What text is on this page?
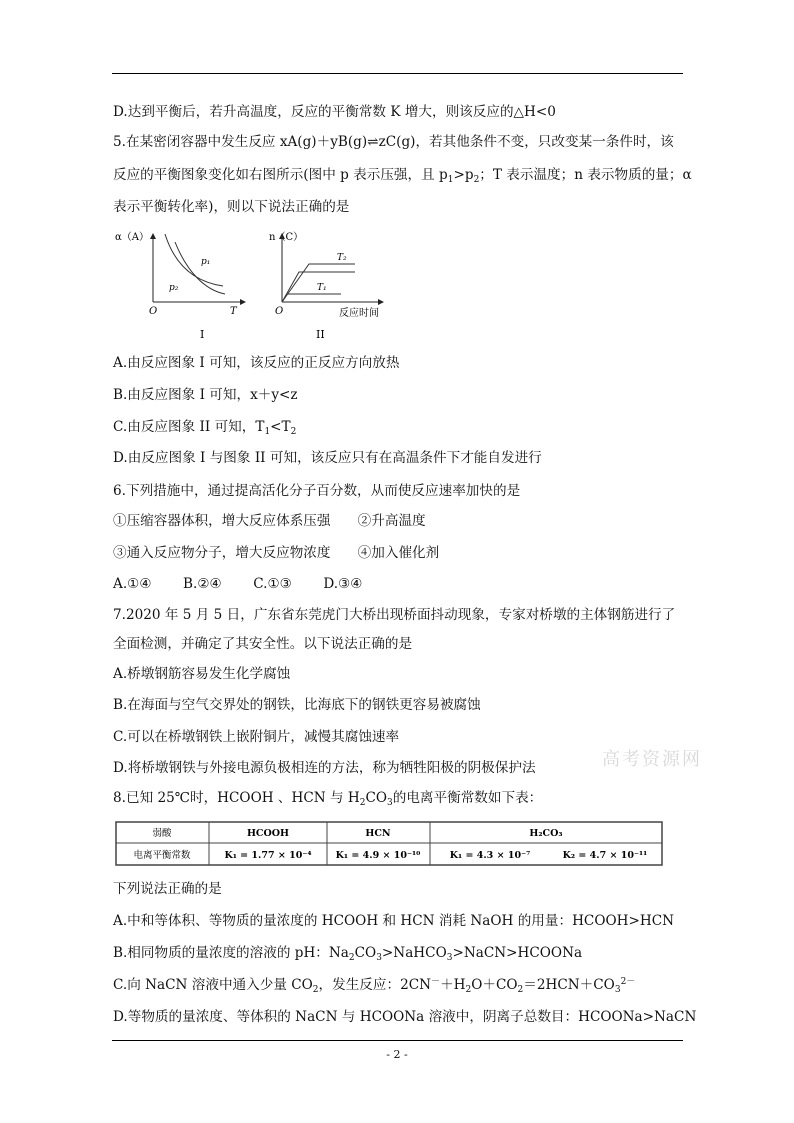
D.达到平衡后，若升高温度，反应的平衡常数 K 增大，则该反应的△H<0
5.在某密闭容器中发生反应 xA(g)＋yB(g)⇌zC(g)，若其他条件不变，只改变某一条件时，该
反应的平衡图象变化如右图所示(图中 p 表示压强，且 $p_1>p_2$；T 表示温度；n 表示物质的量；α
表示平衡转化率)，则以下说法正确的是
A.由反应图象 I 可知，该反应的正反应方向放热
B.由反应图象 I 可知，x＋y<z
C.由反应图象 II 可知，$T_1<T_2$
D.由反应图象 I 与图象 II 可知，该反应只有在高温条件下才能自发进行
6.下列措施中，通过提高活化分子百分数，从而使反应速率加快的是
①压缩容器体积，增大反应体系压强　　②升高温度
③通入反应物分子，增大反应物浓度　　④加入催化剂
A.①④　　 B.②④　　 C.①③　　 D.③④
7.2020 年 5 月 5 日，广东省东莞虎门大桥出现桥面抖动现象，专家对桥墩的主体钢筋进行了
全面检测，并确定了其安全性。以下说法正确的是
A.桥墩钢筋容易发生化学腐蚀
B.在海面与空气交界处的钢铁，比海底下的钢铁更容易被腐蚀
C.可以在桥墩钢铁上嵌附铜片，减慢其腐蚀速率
D.将桥墩钢铁与外接电源负极相连的方法，称为牺牲阳极的阴极保护法
8.已知 25℃时，HCOOH 、HCN 与 $H_2CO_3$的电离平衡常数如下表：
下列说法正确的是
A.中和等体积、等物质的量浓度的 HCOOH 和 HCN 消耗 NaOH 的用量：HCOOH>HCN
B.相同物质的量浓度的溶液的 pH：$Na_2CO_3>NaHCO_3>NaCN>HCOONa$
C.向 NaCN 溶液中通入少量 $CO_2$，发生反应：$2CN^-+H_2O+CO_2=2HCN+CO_3^{2-}$
D.等物质的量浓度、等体积的 NaCN 与 HCOONa 溶液中，阴离子总数目：HCOONa>NaCN
α（A）
p₁
p₂
O	T
I
n（C）
T₂
T₁
O	反应时间
II
高考资源网
弱酸	HCOOH	HCN	H₂CO₃
电离平衡常数	K₁ = 1.77 × 10⁻⁴	K₁ = 4.9 × 10⁻¹⁰	K₁ = 4.3 × 10⁻⁷	K₂ = 4.7 × 10⁻¹¹
- 2 -
